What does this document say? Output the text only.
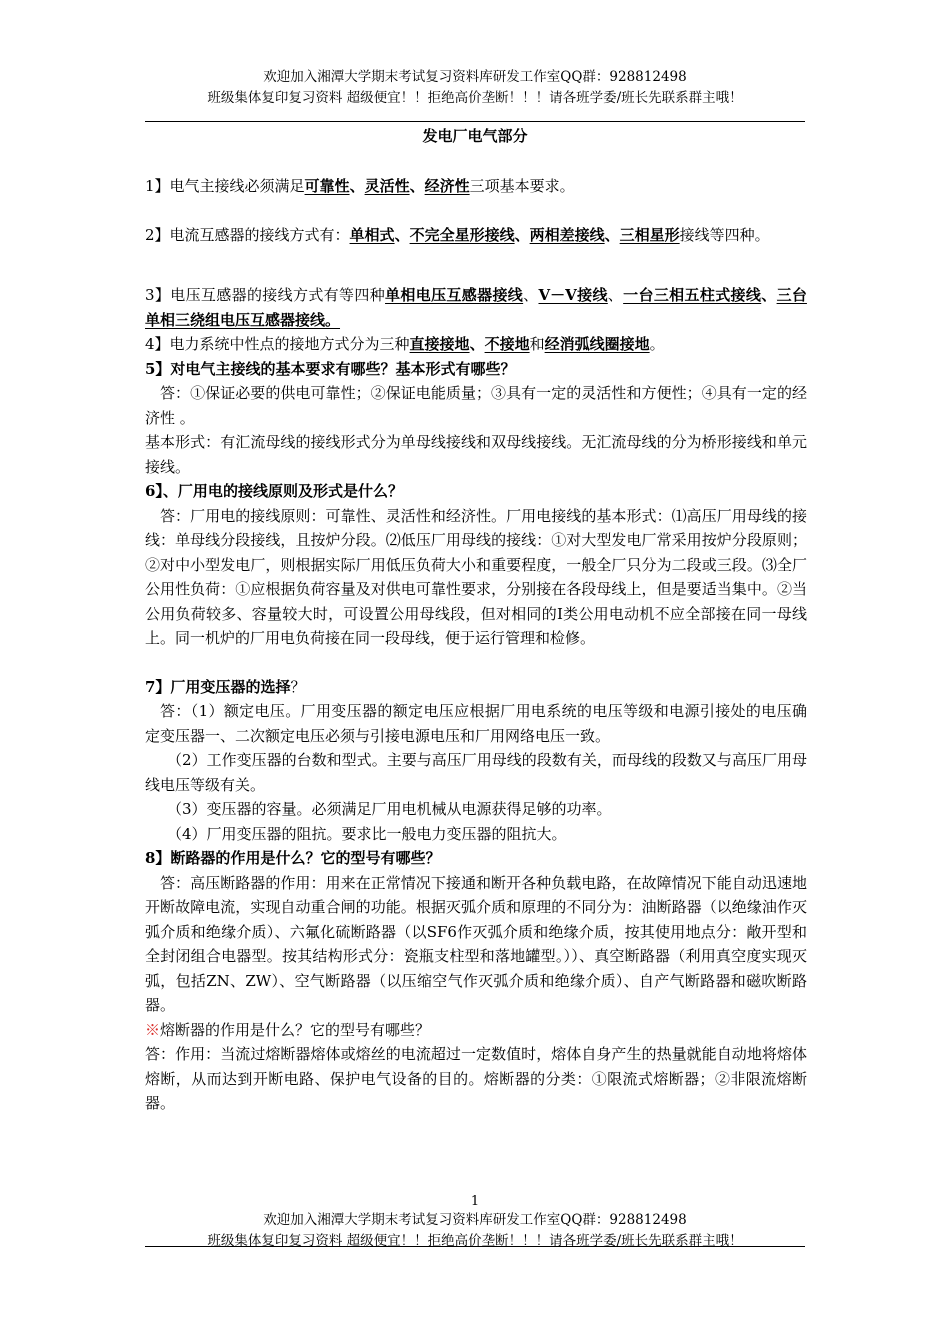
欢迎加入湘潭大学期末考试复习资料库研发工作室QQ群：928812498
班级集体复印复习资料 超级便宜！！拒绝高价垄断！！！请各班学委/班长先联系群主哦！
发电厂电气部分

1】电气主接线必须满足可靠性、灵活性、经济性三项基本要求。

2】电流互感器的接线方式有：单相式、不完全星形接线、两相差接线、三相星形接线等四种。

3】电压互感器的接线方式有等四种单相电压互感器接线、V－V接线、一台三相五柱式接线、三台单相三绕组电压互感器接线。

4】电力系统中性点的接地方式分为三种直接接地、不接地和经消弧线圈接地。

5】对电气主接线的基本要求有哪些？基本形式有哪些？

答：①保证必要的供电可靠性；②保证电能质量；③具有一定的灵活性和方便性；④具有一定的经济性 。

基本形式：有汇流母线的接线形式分为单母线接线和双母线接线。无汇流母线的分为桥形接线和单元接线。

6】、厂用电的接线原则及形式是什么？

答：厂用电的接线原则：可靠性、灵活性和经济性。厂用电接线的基本形式：⑴高压厂用母线的接线：单母线分段接线，且按炉分段。⑵低压厂用母线的接线：①对大型发电厂常采用按炉分段原则；②对中小型发电厂，则根据实际厂用低压负荷大小和重要程度，一般全厂只分为二段或三段。⑶全厂公用性负荷：①应根据负荷容量及对供电可靠性要求，分别接在各段母线上，但是要适当集中。②当公用负荷较多、容量较大时，可设置公用母线段，但对相同的Ⅰ类公用电动机不应全部接在同一母线上。同一机炉的厂用电负荷接在同一段母线，便于运行管理和检修。

7】厂用变压器的选择？

答：（1）额定电压。厂用变压器的额定电压应根据厂用电系统的电压等级和电源引接处的电压确定变压器一、二次额定电压必须与引接电源电压和厂用网络电压一致。

（2）工作变压器的台数和型式。主要与高压厂用母线的段数有关，而母线的段数又与高压厂用母线电压等级有关。

（3）变压器的容量。必须满足厂用电机械从电源获得足够的功率。

（4）厂用变压器的阻抗。要求比一般电力变压器的阻抗大。

8】断路器的作用是什么？它的型号有哪些？

答：高压断路器的作用：用来在正常情况下接通和断开各种负载电路，在故障情况下能自动迅速地开断故障电流，实现自动重合闸的功能。根据灭弧介质和原理的不同分为：油断路器（以绝缘油作灭弧介质和绝缘介质）、六氟化硫断路器（以SF6作灭弧介质和绝缘介质，按其使用地点分：敞开型和全封闭组合电器型。按其结构形式分：瓷瓶支柱型和落地罐型。））、真空断路器（利用真空度实现灭弧，包括ZN、ZW）、空气断路器（以压缩空气作灭弧介质和绝缘介质）、自产气断路器和磁吹断路器。

※熔断器的作用是什么？它的型号有哪些？

答：作用：当流过熔断器熔体或熔丝的电流超过一定数值时，熔体自身产生的热量就能自动地将熔体熔断，从而达到开断电路、保护电气设备的目的。熔断器的分类：①限流式熔断器；②非限流熔断器。

1
欢迎加入湘潭大学期末考试复习资料库研发工作室QQ群：928812498
班级集体复印复习资料 超级便宜！！拒绝高价垄断！！！请各班学委/班长先联系群主哦！
